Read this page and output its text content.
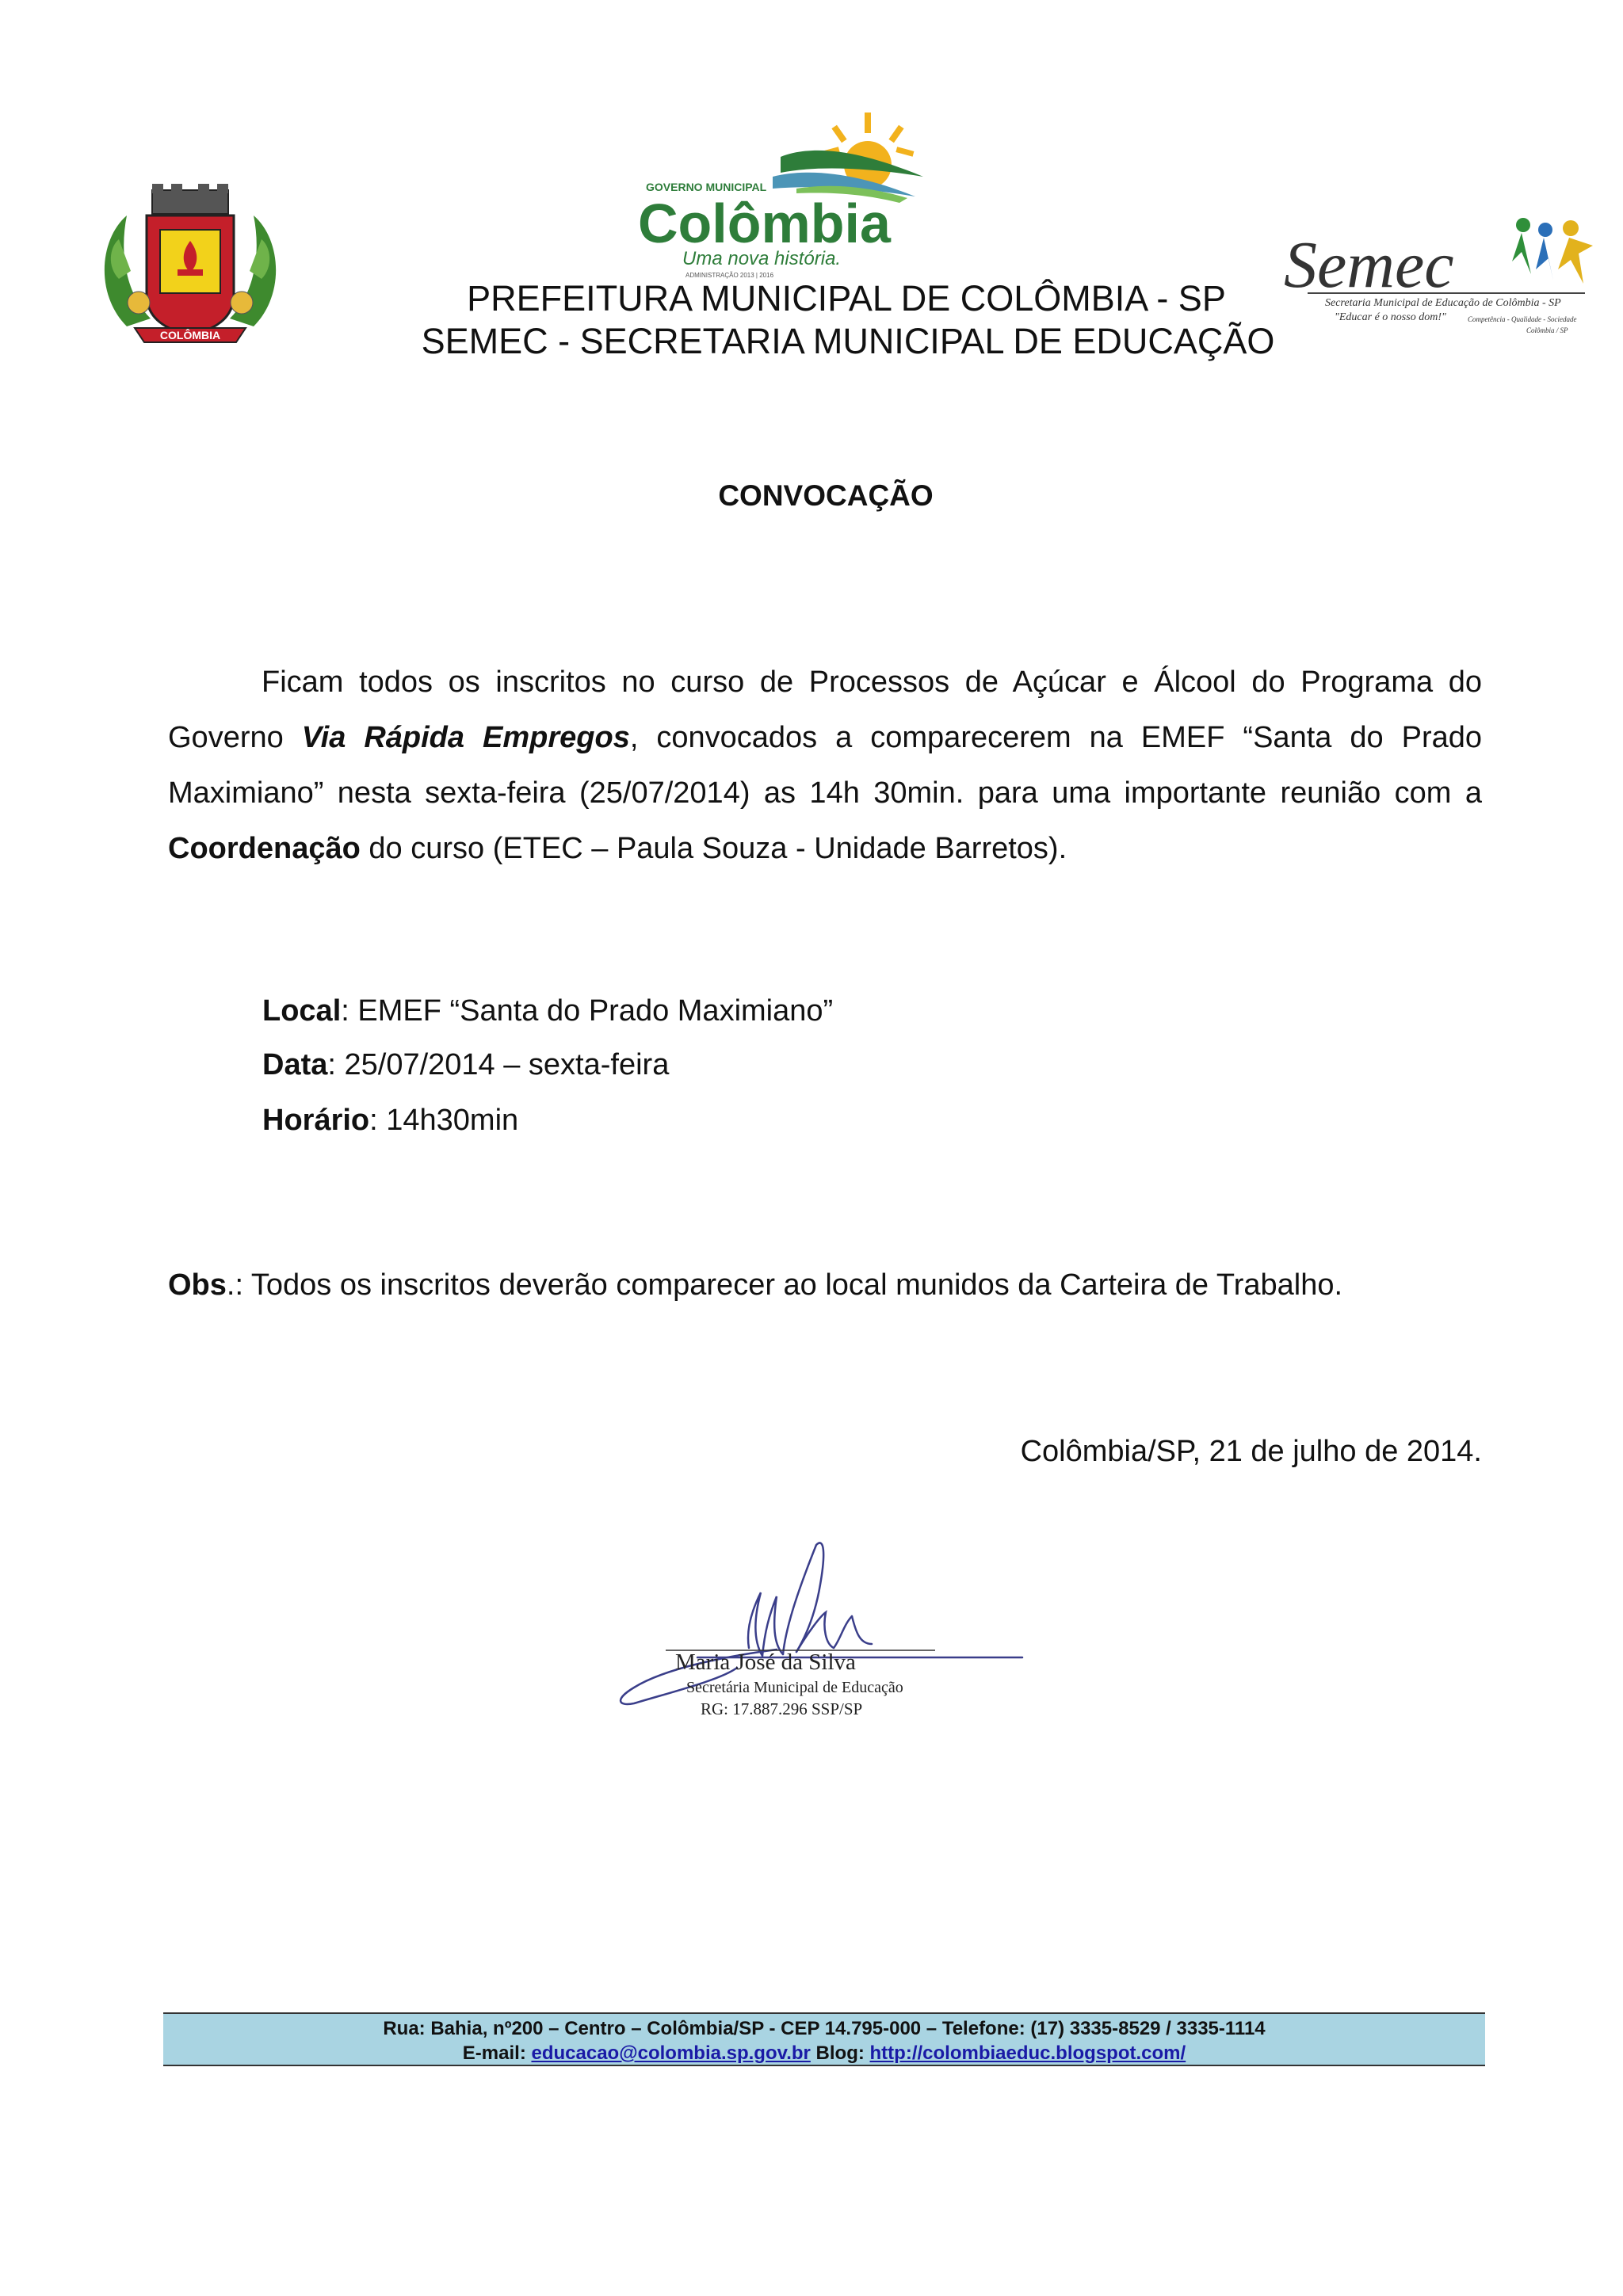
COLÔMBIA
GOVERNO MUNICIPAL
Colômbia
Uma nova história.
ADMINISTRAÇÃO 2013 | 2016	Semec
Secretaria Municipal de Educação de Colômbia - SP
"Educar é o nosso dom!"	Competência - Qualidade - Sociedade
Colômbia / SP
PREFEITURA MUNICIPAL DE COLÔMBIA - SP
SEMEC - SECRETARIA MUNICIPAL DE EDUCAÇÃO
CONVOCAÇÃO
Ficam todos os inscritos no curso de Processos de Açúcar e Álcool do Programa do Governo Via Rápida Empregos, convocados a comparecerem na EMEF “Santa do Prado Maximiano” nesta sexta-feira (25/07/2014) as 14h 30min. para uma importante reunião com a Coordenação do curso (ETEC – Paula Souza - Unidade Barretos).
Local: EMEF “Santa do Prado Maximiano”
Data: 25/07/2014 – sexta-feira
Horário: 14h30min
Obs.: Todos os inscritos deverão comparecer ao local munidos da Carteira de Trabalho.
Colômbia/SP, 21 de julho de 2014.
Maria José da Silva
Secretária Municipal de Educação
RG: 17.887.296 SSP/SP
Rua: Bahia, nº200 – Centro – Colômbia/SP - CEP 14.795-000 – Telefone: (17) 3335-8529 / 3335-1114
E-mail: educacao@colombia.sp.gov.br Blog: http://colombiaeduc.blogspot.com/
